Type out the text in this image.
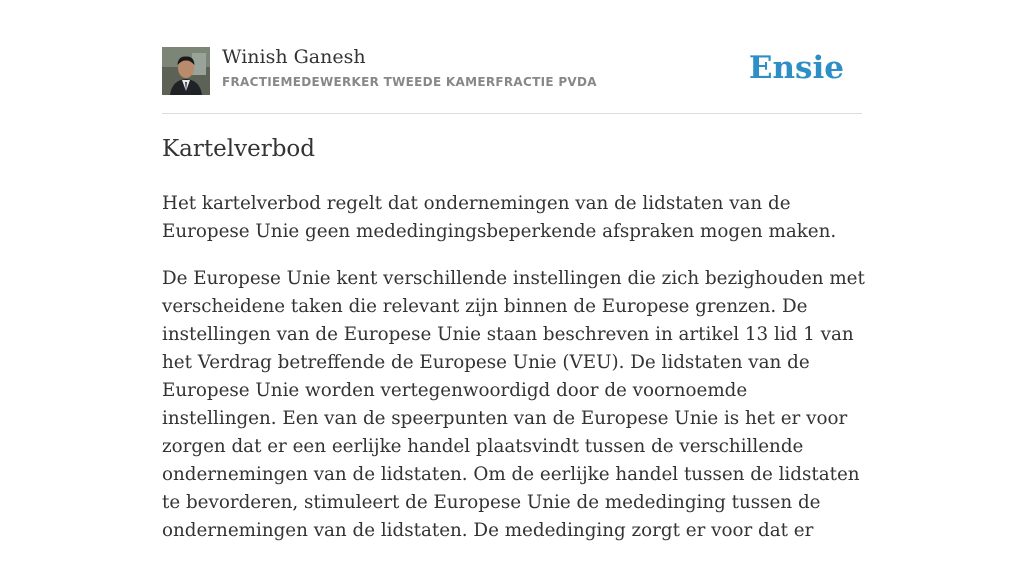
Winish Ganesh
FRACTIEMEDEWERKER TWEEDE KAMERFRACTIE PVDA	Ensie
Kartelverbod

Het kartelverbod regelt dat ondernemingen van de lidstaten van de Europese Unie geen mededingingsbeperkende afspraken mogen maken.

De Europese Unie kent verschillende instellingen die zich bezighouden met verscheidene taken die relevant zijn binnen de Europese grenzen. De instellingen van de Europese Unie staan beschreven in artikel 13 lid 1 van het Verdrag betreffende de Europese Unie (VEU). De lidstaten van de Europese Unie worden vertegenwoordigd door de voornoemde instellingen. Een van de speerpunten van de Europese Unie is het er voor zorgen dat er een eerlijke handel plaatsvindt tussen de verschillende ondernemingen van de lidstaten. Om de eerlijke handel tussen de lidstaten te bevorderen, stimuleert de Europese Unie de mededinging tussen de ondernemingen van de lidstaten. De mededinging zorgt er voor dat er
